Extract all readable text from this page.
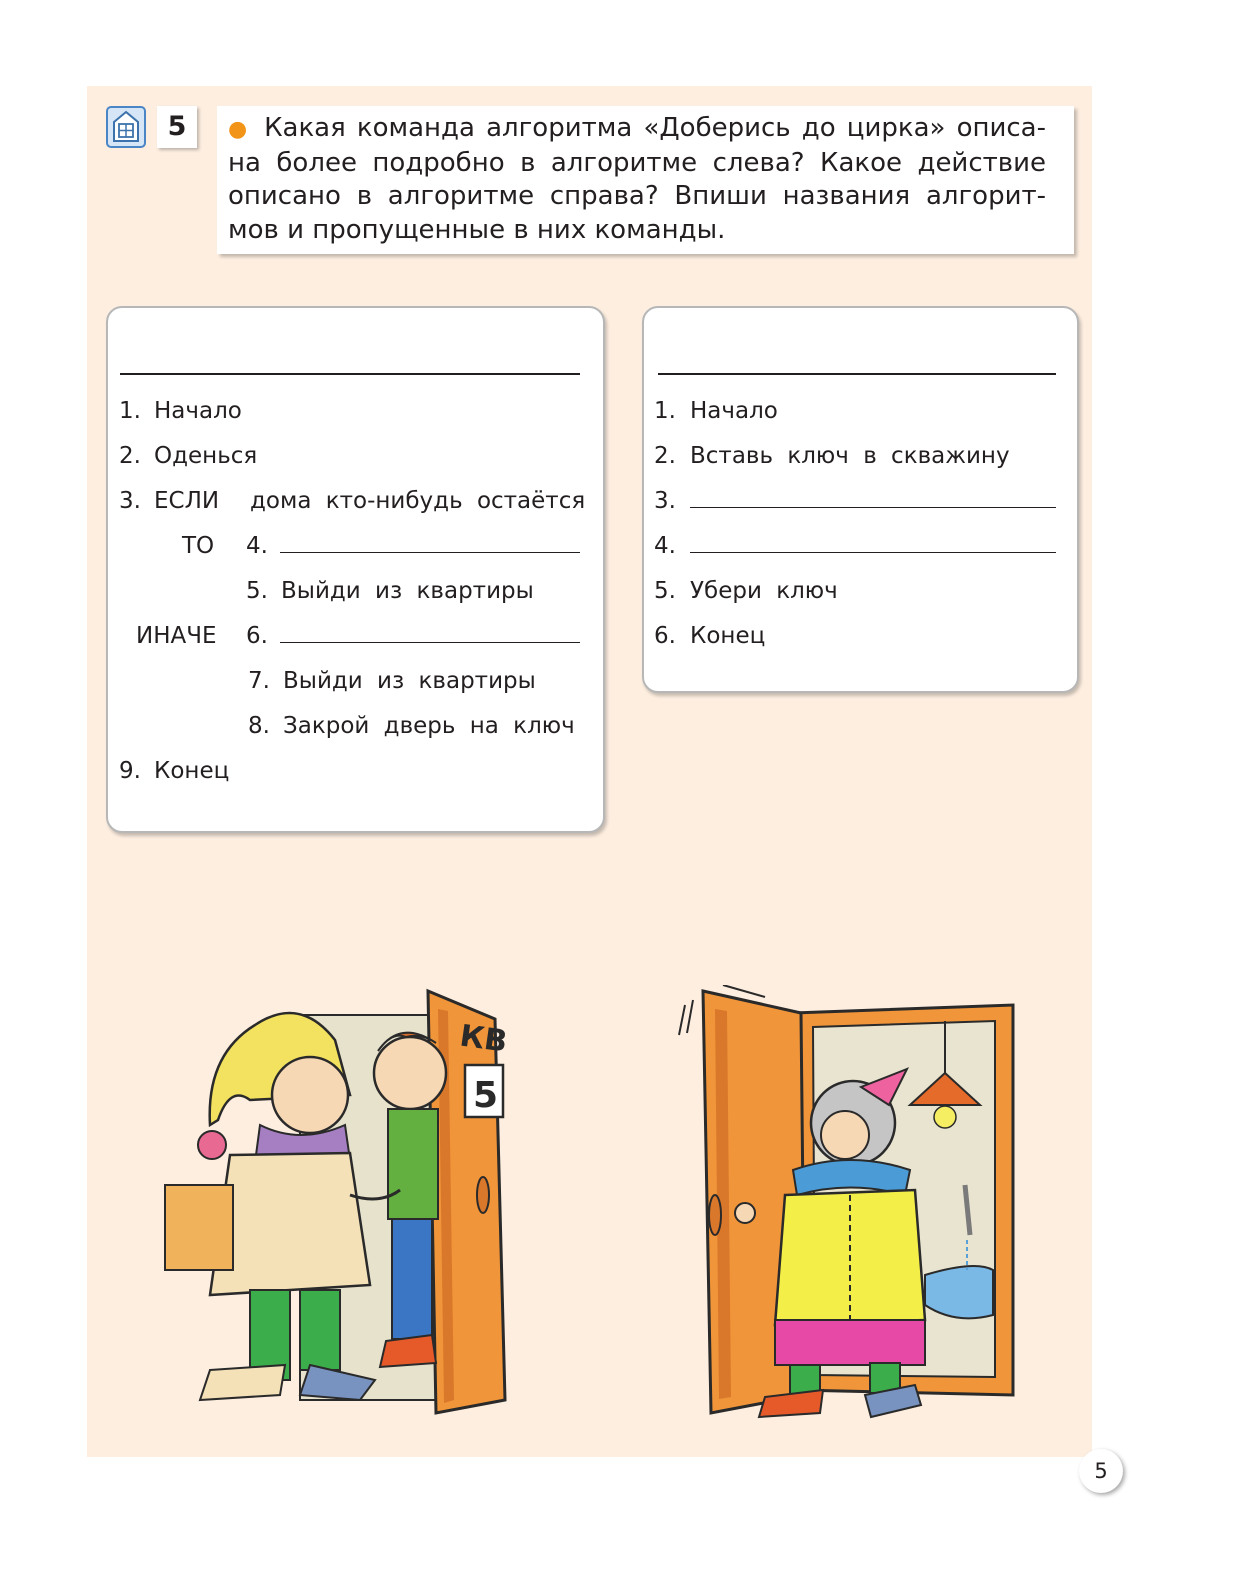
5	● Какая команда алгоритма «Доберись до цирка» описа-

на более подробно в алгоритме слева? Какое действие

описано в алгоритме справа? Впиши названия алгорит-

мов и пропущенные в них команды.

1. Начало
2. Оденься
3. ЕСЛИ дома кто-нибудь остаётся
ТО 4.
5. Выйди из квартиры
ИНАЧЕ 6.
7. Выйди из квартиры
8. Закрой дверь на ключ
9. Конец
1. Начало
2. Вставь ключ в скважину
3.
4.
5. Убери ключ
6. Конец
КВ
5
5
